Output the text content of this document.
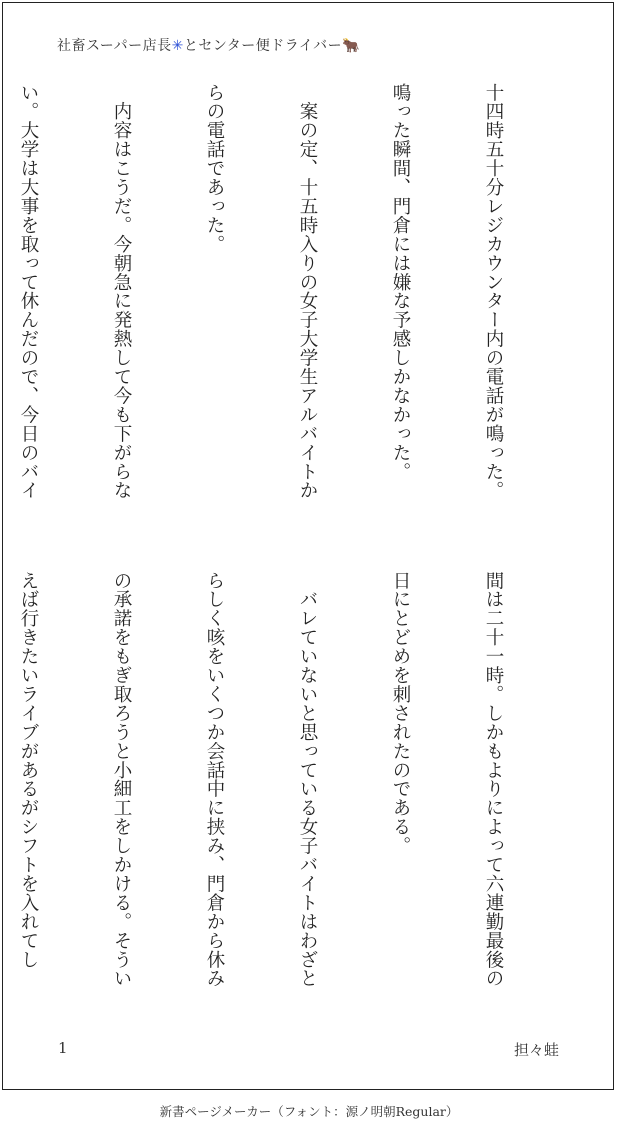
社畜スーパー店長✳とセンター便ドライバー🐂

十四時五十分レジカウンター内の電話が鳴った。

鳴った瞬間、門倉には嫌な予感しかなかった。

　案の定、十五時入りの女子大学生アルバイトか

らの電話であった。

　内容はこうだ。今朝急に発熱して今も下がらな

い。大学は大事を取って休んだので、今日のバイ

間は二十一時。しかもよりによって六連勤最後の

日にとどめを刺されたのである。

　バレていないと思っている女子バイトはわざと

らしく咳をいくつか会話中に挟み、門倉から休み

の承諾をもぎ取ろうと小細工をしかける。そうい

えば行きたいライブがあるがシフトを入れてし

1	担々蛙
新書ページメーカー（フォント：源ノ明朝Regular）
